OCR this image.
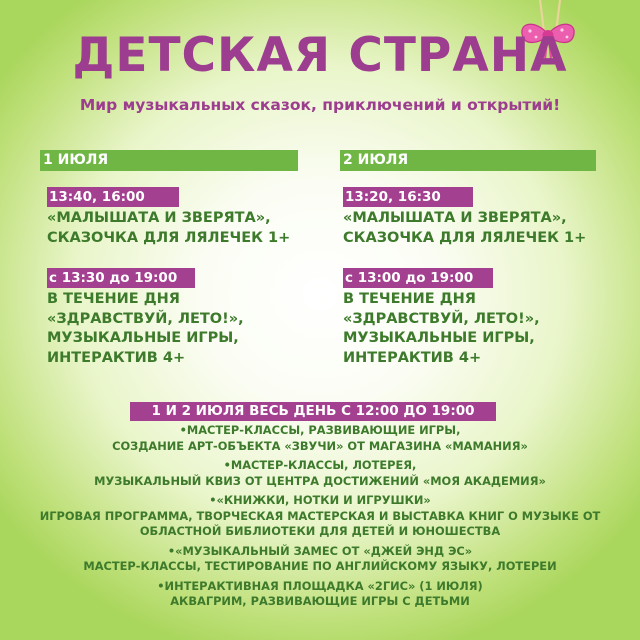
ДЕТСКАЯ СТРАНА

Мир музыкальных сказок, приключений и открытий!

1 ИЮЛЯ
13:40, 16:00
«МАЛЫШАТА И ЗВЕРЯТА»,
СКАЗОЧКА ДЛЯ ЛЯЛЕЧЕК 1+
с 13:30 до 19:00
В ТЕЧЕНИЕ ДНЯ
«ЗДРАВСТВУЙ, ЛЕТО!»,
МУЗЫКАЛЬНЫЕ ИГРЫ,
ИНТЕРАКТИВ 4+
2 ИЮЛЯ
13:20, 16:30
«МАЛЫШАТА И ЗВЕРЯТА»,
СКАЗОЧКА ДЛЯ ЛЯЛЕЧЕК 1+
с 13:00 до 19:00
В ТЕЧЕНИЕ ДНЯ
«ЗДРАВСТВУЙ, ЛЕТО!»,
МУЗЫКАЛЬНЫЕ ИГРЫ,
ИНТЕРАКТИВ 4+
1 И 2 ИЮЛЯ ВЕСЬ ДЕНЬ С 12:00 ДО 19:00
•МАСТЕР-КЛАССЫ, РАЗВИВАЮЩИЕ ИГРЫ,
СОЗДАНИЕ АРТ-ОБЪЕКТА «ЗВУЧИ» ОТ МАГАЗИНА «МАМАНИЯ»
•МАСТЕР-КЛАССЫ, ЛОТЕРЕЯ,
МУЗЫКАЛЬНЫЙ КВИЗ ОТ ЦЕНТРА ДОСТИЖЕНИЙ «МОЯ АКАДЕМИЯ»
•«КНИЖКИ, НОТКИ И ИГРУШКИ»
ИГРОВАЯ ПРОГРАММА, ТВОРЧЕСКАЯ МАСТЕРСКАЯ И ВЫСТАВКА КНИГ О МУЗЫКЕ ОТ
ОБЛАСТНОЙ БИБЛИОТЕКИ ДЛЯ ДЕТЕЙ И ЮНОШЕСТВА
•«МУЗЫКАЛЬНЫЙ ЗАМЕС ОТ «ДЖЕЙ ЭНД ЭС»
МАСТЕР-КЛАССЫ, ТЕСТИРОВАНИЕ ПО АНГЛИЙСКОМУ ЯЗЫКУ, ЛОТЕРЕИ
•ИНТЕРАКТИВНАЯ ПЛОЩАДКА «2ГИС» (1 ИЮЛЯ)
АКВАГРИМ, РАЗВИВАЮЩИЕ ИГРЫ С ДЕТЬМИ
